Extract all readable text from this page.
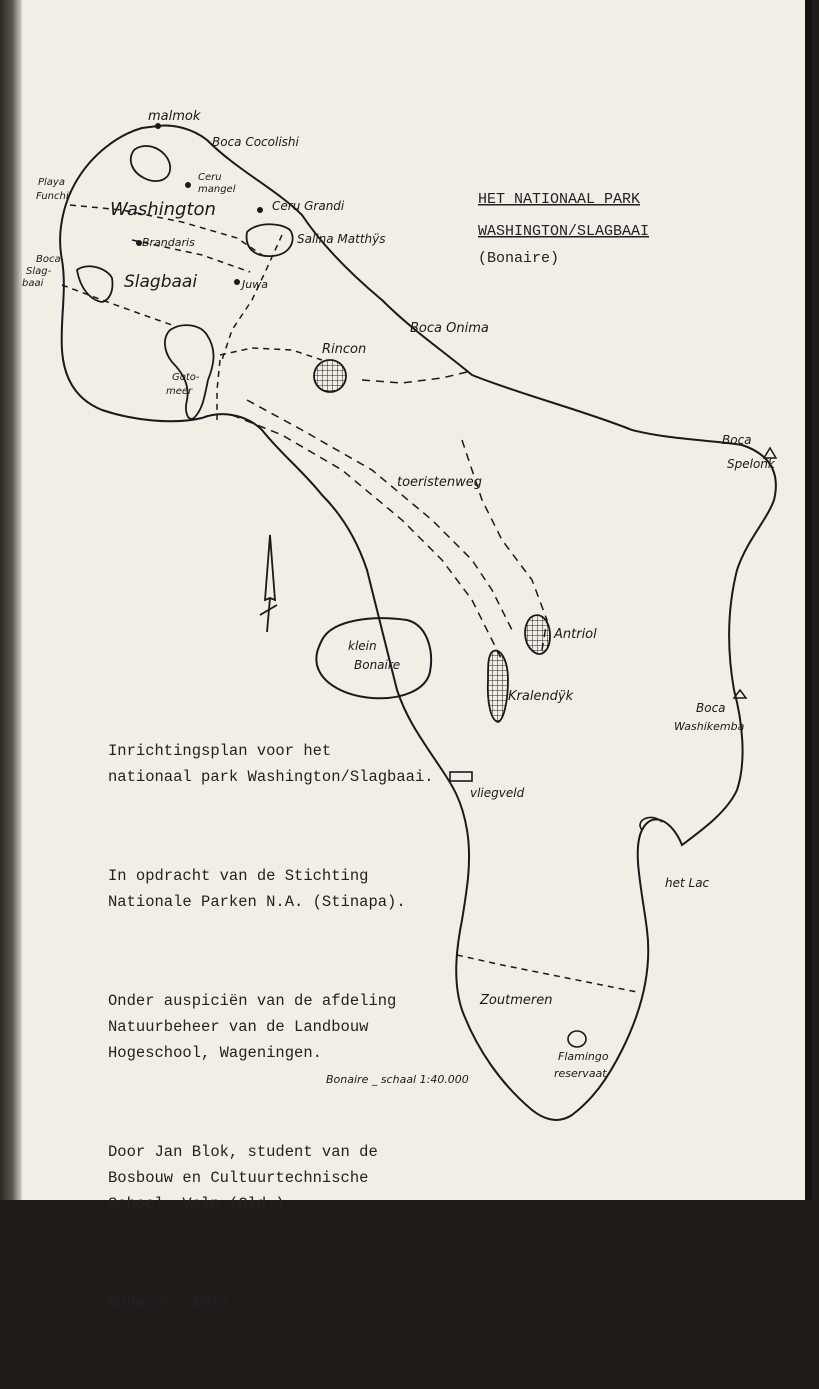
HET NATIONAAL PARK
WASHINGTON/SLAGBAAI
(Bonaire)
malmok
Boca Cocolishi
Playa
Funchi
Ceru
mangel
Washington	Ceru Grandi
Boca
Slag-
baai
Brandaris	Salina Matthÿs
Slagbaai	Juwa
Boca Onima
Rincon
Goto-
meer
Boca
Spelonk
toeristenweg
Antriol
klein
Bonaire
Kralendÿk
Boca
Washikemba
vliegveld
het Lac
Zoutmeren
Flamingo
reservaat
Bonaire _ schaal 1:40.000

Inrichtingsplan voor het
nationaal park Washington/Slagbaai.

In opdracht van de Stichting
Nationale Parken N.A. (Stinapa).

Onder auspiciën van de afdeling
Natuurbeheer van de Landbouw
Hogeschool, Wageningen.

Door Jan Blok, student van de
Bosbouw en Cultuurtechnische
School, Velp (Gld.).

Bonaire, 1976.
